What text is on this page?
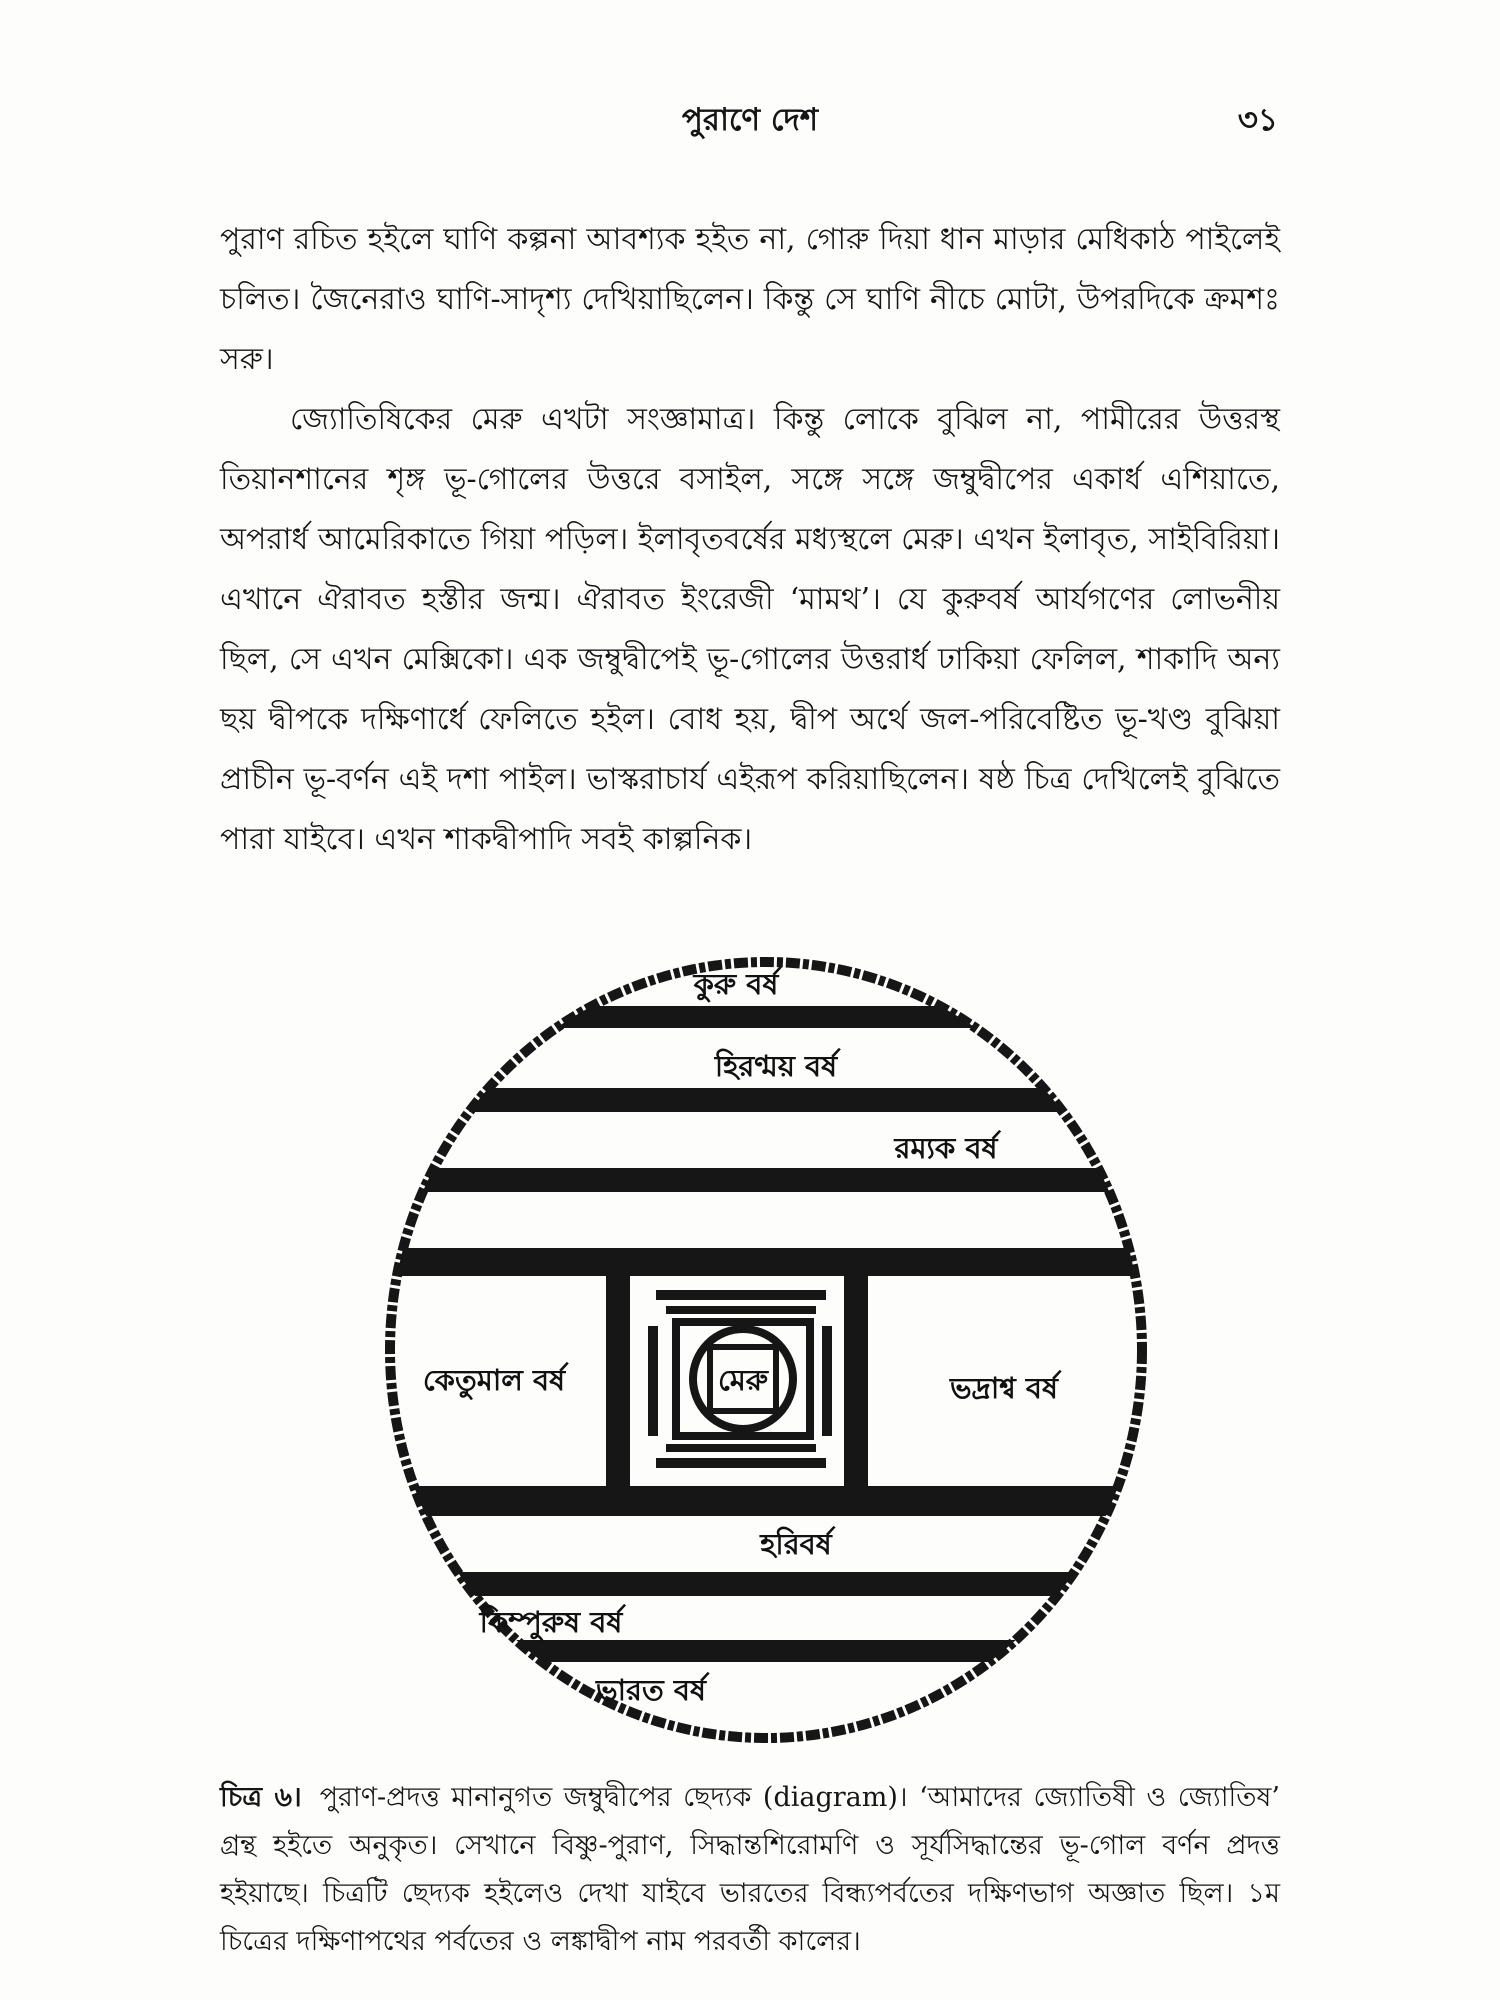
পুরাণে দেশ	৩১

পুরাণ রচিত হইলে ঘাণি কল্পনা আবশ্যক হইত না, গোরু দিয়া ধান মাড়ার মেধিকাঠ পাইলেই চলিত। জৈনেরাও ঘাণি-সাদৃশ্য দেখিয়াছিলেন। কিন্তু সে ঘাণি নীচে মোটা, উপরদিকে ক্রমশঃ সরু।

জ্যোতিষিকের মেরু এখটা সংজ্ঞামাত্র। কিন্তু লোকে বুঝিল না, পামীরের উত্তরস্থ তিয়ানশানের শৃঙ্গ ভূ-গোলের উত্তরে বসাইল, সঙ্গে সঙ্গে জম্বুদ্বীপের একার্ধ এশিয়াতে, অপরার্ধ আমেরিকাতে গিয়া পড়িল। ইলাবৃতবর্ষের মধ্যস্থলে মেরু। এখন ইলাবৃত, সাইবিরিয়া। এখানে ঐরাবত হস্তীর জন্ম। ঐরাবত ইংরেজী ‘মামথ’। যে কুরুবর্ষ আর্যগণের লোভনীয় ছিল, সে এখন মেক্সিকো। এক জম্বুদ্বীপেই ভূ-গোলের উত্তরার্ধ ঢাকিয়া ফেলিল, শাকাদি অন্য ছয় দ্বীপকে দক্ষিণার্ধে ফেলিতে হইল। বোধ হয়, দ্বীপ অর্থে জল-পরিবেষ্টিত ভূ-খণ্ড বুঝিয়া প্রাচীন ভূ-বর্ণন এই দশা পাইল। ভাস্করাচার্য এইরূপ করিয়াছিলেন। ষষ্ঠ চিত্র দেখিলেই বুঝিতে পারা যাইবে। এখন শাকদ্বীপাদি সবই কাল্পনিক।

কুরু বর্ষ
হিরণ্ময় বর্ষ
রম্যক বর্ষ
কেতুমাল বর্ষ	মেরু	ভদ্রাশ্ব বর্ষ
হরিবর্ষ
কিম্পুরুষ বর্ষ
ভারত বর্ষ
চিত্র ৬। পুরাণ-প্রদত্ত মানানুগত জম্বুদ্বীপের ছেদ্যক (diagram)। ‘আমাদের জ্যোতিষী ও জ্যোতিষ’ গ্রন্থ হইতে অনুকৃত। সেখানে বিষ্ণু-পুরাণ, সিদ্ধান্তশিরোমণি ও সূর্যসিদ্ধান্তের ভূ-গোল বর্ণন প্রদত্ত হইয়াছে। চিত্রটি ছেদ্যক হইলেও দেখা যাইবে ভারতের বিন্ধ্যপর্বতের দক্ষিণভাগ অজ্ঞাত ছিল। ১ম চিত্রের দক্ষিণাপথের পর্বতের ও লঙ্কাদ্বীপ নাম পরবর্তী কালের।
